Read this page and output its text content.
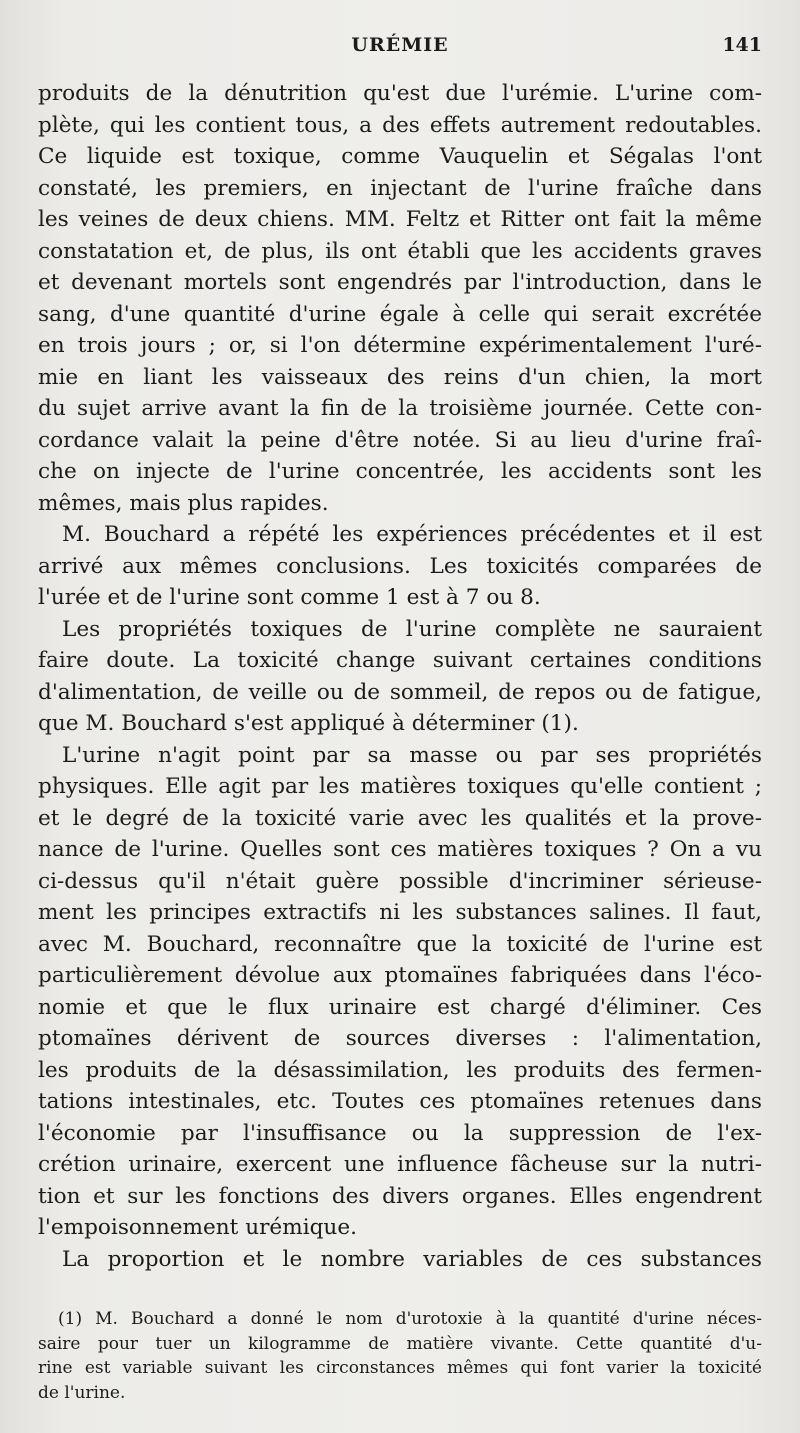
URÉMIE	141
produits de la dénutrition qu'est due l'urémie. L'urine com-
plète, qui les contient tous, a des effets autrement redoutables.
Ce liquide est toxique, comme Vauquelin et Ségalas l'ont
constaté, les premiers, en injectant de l'urine fraîche dans
les veines de deux chiens. MM. Feltz et Ritter ont fait la même
constatation et, de plus, ils ont établi que les accidents graves
et devenant mortels sont engendrés par l'introduction, dans le
sang, d'une quantité d'urine égale à celle qui serait excrétée
en trois jours ; or, si l'on détermine expérimentalement l'uré-
mie en liant les vaisseaux des reins d'un chien, la mort
du sujet arrive avant la fin de la troisième journée. Cette con-
cordance valait la peine d'être notée. Si au lieu d'urine fraî-
che on injecte de l'urine concentrée, les accidents sont les
mêmes, mais plus rapides.
M. Bouchard a répété les expériences précédentes et il est
arrivé aux mêmes conclusions. Les toxicités comparées de
l'urée et de l'urine sont comme 1 est à 7 ou 8.
Les propriétés toxiques de l'urine complète ne sauraient
faire doute. La toxicité change suivant certaines conditions
d'alimentation, de veille ou de sommeil, de repos ou de fatigue,
que M. Bouchard s'est appliqué à déterminer (1).
L'urine n'agit point par sa masse ou par ses propriétés
physiques. Elle agit par les matières toxiques qu'elle contient ;
et le degré de la toxicité varie avec les qualités et la prove-
nance de l'urine. Quelles sont ces matières toxiques ? On a vu
ci-dessus qu'il n'était guère possible d'incriminer sérieuse-
ment les principes extractifs ni les substances salines. Il faut,
avec M. Bouchard, reconnaître que la toxicité de l'urine est
particulièrement dévolue aux ptomaïnes fabriquées dans l'éco-
nomie et que le flux urinaire est chargé d'éliminer. Ces
ptomaïnes dérivent de sources diverses : l'alimentation,
les produits de la désassimilation, les produits des fermen-
tations intestinales, etc. Toutes ces ptomaïnes retenues dans
l'économie par l'insuffisance ou la suppression de l'ex-
crétion urinaire, exercent une influence fâcheuse sur la nutri-
tion et sur les fonctions des divers organes. Elles engendrent
l'empoisonnement urémique.
La proportion et le nombre variables de ces substances
(1) M. Bouchard a donné le nom d'urotoxie à la quantité d'urine néces-
saire pour tuer un kilogramme de matière vivante. Cette quantité d'u-
rine est variable suivant les circonstances mêmes qui font varier la toxicité
de l'urine.
